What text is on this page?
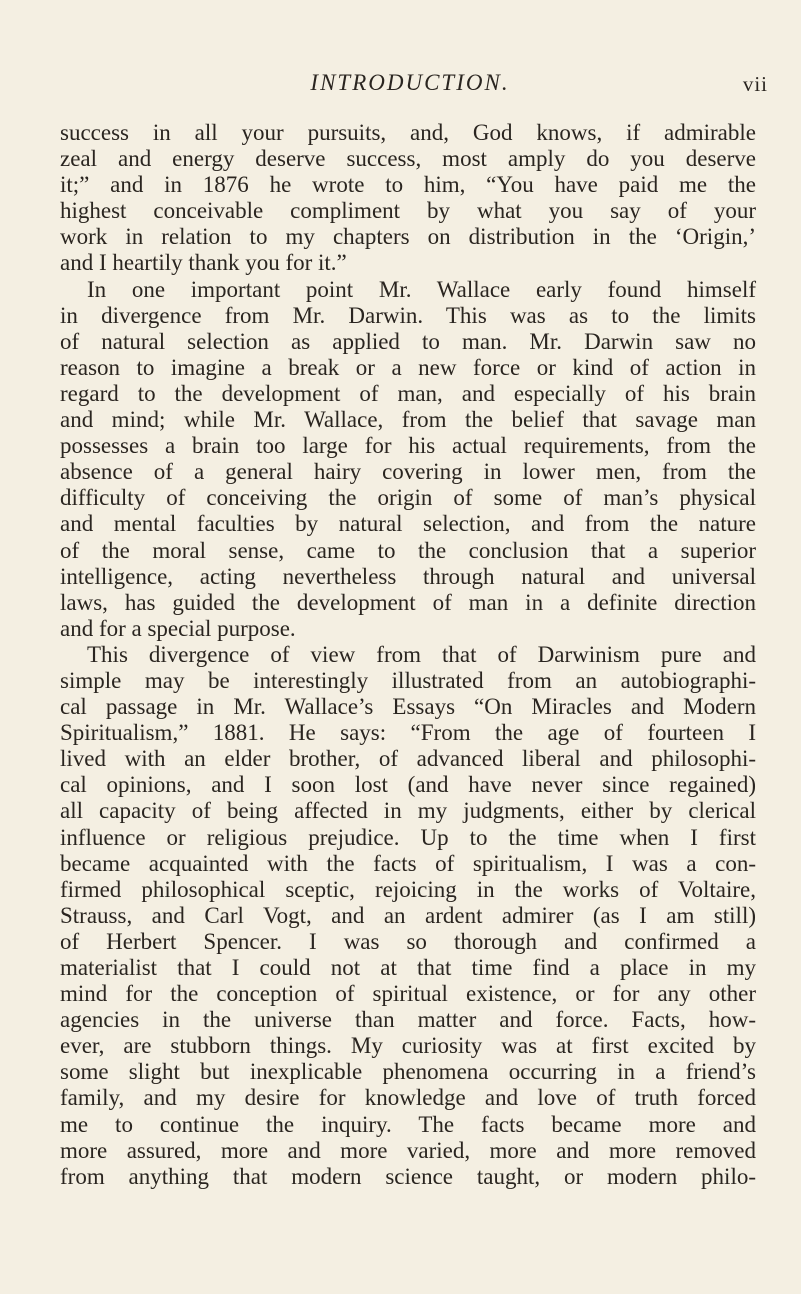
INTRODUCTION.	vii
success in all your pursuits, and, God knows, if admirable
zeal and energy deserve success, most amply do you deserve
it;” and in 1876 he wrote to him, “You have paid me the
highest conceivable compliment by what you say of your
work in relation to my chapters on distribution in the ‘Origin,’
and I heartily thank you for it.”
In one important point Mr. Wallace early found himself
in divergence from Mr. Darwin. This was as to the limits
of natural selection as applied to man. Mr. Darwin saw no
reason to imagine a break or a new force or kind of action in
regard to the development of man, and especially of his brain
and mind; while Mr. Wallace, from the belief that savage man
possesses a brain too large for his actual requirements, from the
absence of a general hairy covering in lower men, from the
difficulty of conceiving the origin of some of man’s physical
and mental faculties by natural selection, and from the nature
of the moral sense, came to the conclusion that a superior
intelligence, acting nevertheless through natural and universal
laws, has guided the development of man in a definite direction
and for a special purpose.
This divergence of view from that of Darwinism pure and
simple may be interestingly illustrated from an autobiographi-
cal passage in Mr. Wallace’s Essays “On Miracles and Modern
Spiritualism,” 1881. He says: “From the age of fourteen I
lived with an elder brother, of advanced liberal and philosophi-
cal opinions, and I soon lost (and have never since regained)
all capacity of being affected in my judgments, either by clerical
influence or religious prejudice. Up to the time when I first
became acquainted with the facts of spiritualism, I was a con-
firmed philosophical sceptic, rejoicing in the works of Voltaire,
Strauss, and Carl Vogt, and an ardent admirer (as I am still)
of Herbert Spencer. I was so thorough and confirmed a
materialist that I could not at that time find a place in my
mind for the conception of spiritual existence, or for any other
agencies in the universe than matter and force. Facts, how-
ever, are stubborn things. My curiosity was at first excited by
some slight but inexplicable phenomena occurring in a friend’s
family, and my desire for knowledge and love of truth forced
me to continue the inquiry. The facts became more and
more assured, more and more varied, more and more removed
from anything that modern science taught, or modern philo-
